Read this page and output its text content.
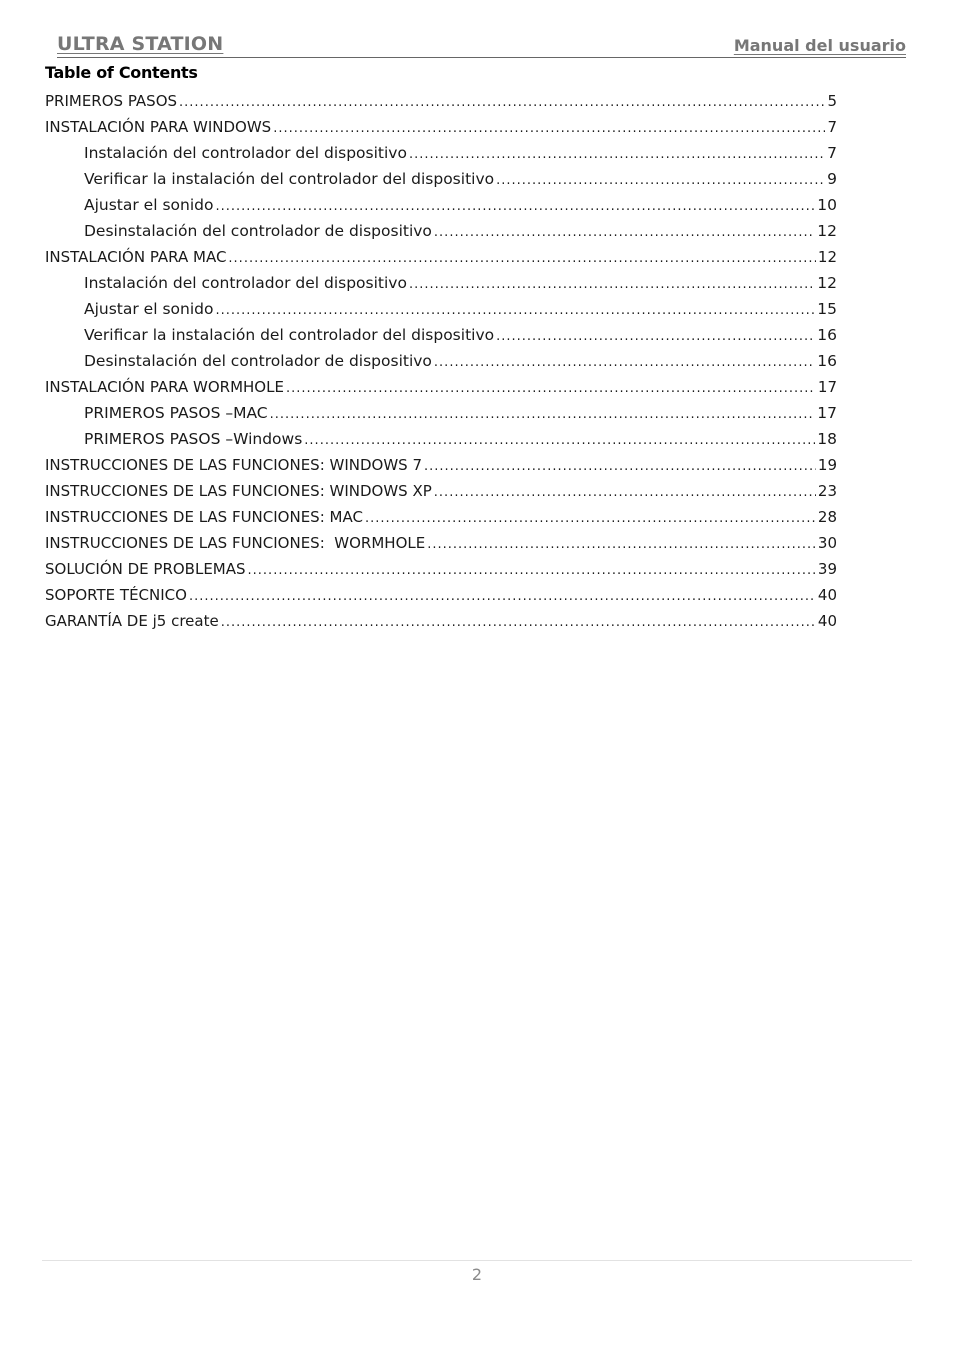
ULTRA STATION	Manual del usuario
Table of Contents
PRIMEROS PASOS .....	5
INSTALACIÓN PARA WINDOWS .....	7
Instalación del controlador del dispositivo .....	7
Verificar la instalación del controlador del dispositivo .....	9
Ajustar el sonido .....	10
Desinstalación del controlador de dispositivo .....	12
INSTALACIÓN PARA MAC .....	12
Instalación del controlador del dispositivo .....	12
Ajustar el sonido .....	15
Verificar la instalación del controlador del dispositivo .....	16
Desinstalación del controlador de dispositivo .....	16
INSTALACIÓN PARA WORMHOLE .....	17
PRIMEROS PASOS –MAC .....	17
PRIMEROS PASOS –Windows .....	18
INSTRUCCIONES DE LAS FUNCIONES: WINDOWS 7 .....	19
INSTRUCCIONES DE LAS FUNCIONES: WINDOWS XP .....	23
INSTRUCCIONES DE LAS FUNCIONES: MAC .....	28
INSTRUCCIONES DE LAS FUNCIONES:  WORMHOLE .....	30
SOLUCIÓN DE PROBLEMAS .....	39
SOPORTE TÉCNICO .....	40
GARANTÍA DE j5 create .....	40
2
